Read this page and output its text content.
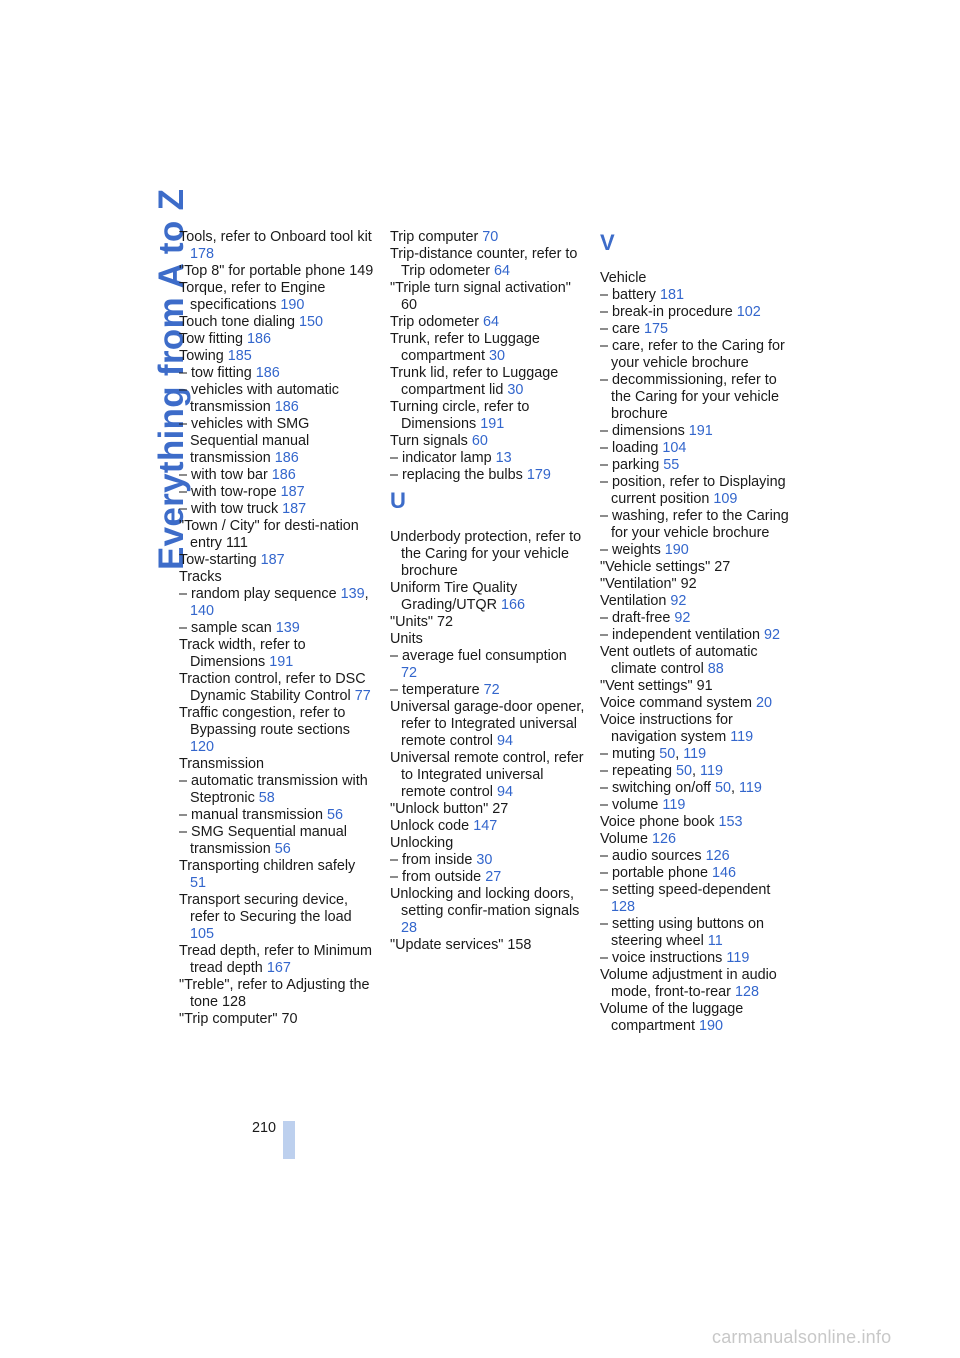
Everything from A to Z
Tools, refer to Onboard tool kit 178
"Top 8" for portable phone 149
Torque, refer to Engine specifications 190
Touch tone dialing 150
Tow fitting 186
Towing 185
– tow fitting 186
– vehicles with automatic transmission 186
– vehicles with SMG Sequential manual transmission 186
– with tow bar 186
– with tow-rope 187
– with tow truck 187
"Town / City" for desti-nation entry 111
Tow-starting 187
Tracks
– random play sequence 139, 140
– sample scan 139
Track width, refer to Dimensions 191
Traction control, refer to DSC Dynamic Stability Control 77
Traffic congestion, refer to Bypassing route sections 120
Transmission
– automatic transmission with Steptronic 58
– manual transmission 56
– SMG Sequential manual transmission 56
Transporting children safely 51
Transport securing device, refer to Securing the load 105
Tread depth, refer to Minimum tread depth 167
"Treble", refer to Adjusting the tone 128
"Trip computer" 70
Trip computer 70
Trip-distance counter, refer to Trip odometer 64
"Triple turn signal activation" 60
Trip odometer 64
Trunk, refer to Luggage compartment 30
Trunk lid, refer to Luggage compartment lid 30
Turning circle, refer to Dimensions 191
Turn signals 60
– indicator lamp 13
– replacing the bulbs 179
U
Underbody protection, refer to the Caring for your vehicle brochure
Uniform Tire Quality Grading/UTQR 166
"Units" 72
Units
– average fuel consumption 72
– temperature 72
Universal garage-door opener, refer to Integrated universal remote control 94
Universal remote control, refer to Integrated universal remote control 94
"Unlock button" 27
Unlock code 147
Unlocking
– from inside 30
– from outside 27
Unlocking and locking doors, setting confir-mation signals 28
"Update services" 158
V
Vehicle
– battery 181
– break-in procedure 102
– care 175
– care, refer to the Caring for your vehicle brochure
– decommissioning, refer to the Caring for your vehicle brochure
– dimensions 191
– loading 104
– parking 55
– position, refer to Displaying current position 109
– washing, refer to the Caring for your vehicle brochure
– weights 190
"Vehicle settings" 27
"Ventilation" 92
Ventilation 92
– draft-free 92
– independent ventilation 92
Vent outlets of automatic climate control 88
"Vent settings" 91
Voice command system 20
Voice instructions for navigation system 119
– muting 50, 119
– repeating 50, 119
– switching on/off 50, 119
– volume 119
Voice phone book 153
Volume 126
– audio sources 126
– portable phone 146
– setting speed-dependent 128
– setting using buttons on steering wheel 11
– voice instructions 119
Volume adjustment in audio mode, front-to-rear 128
Volume of the luggage compartment 190
210
carmanualsonline.info
